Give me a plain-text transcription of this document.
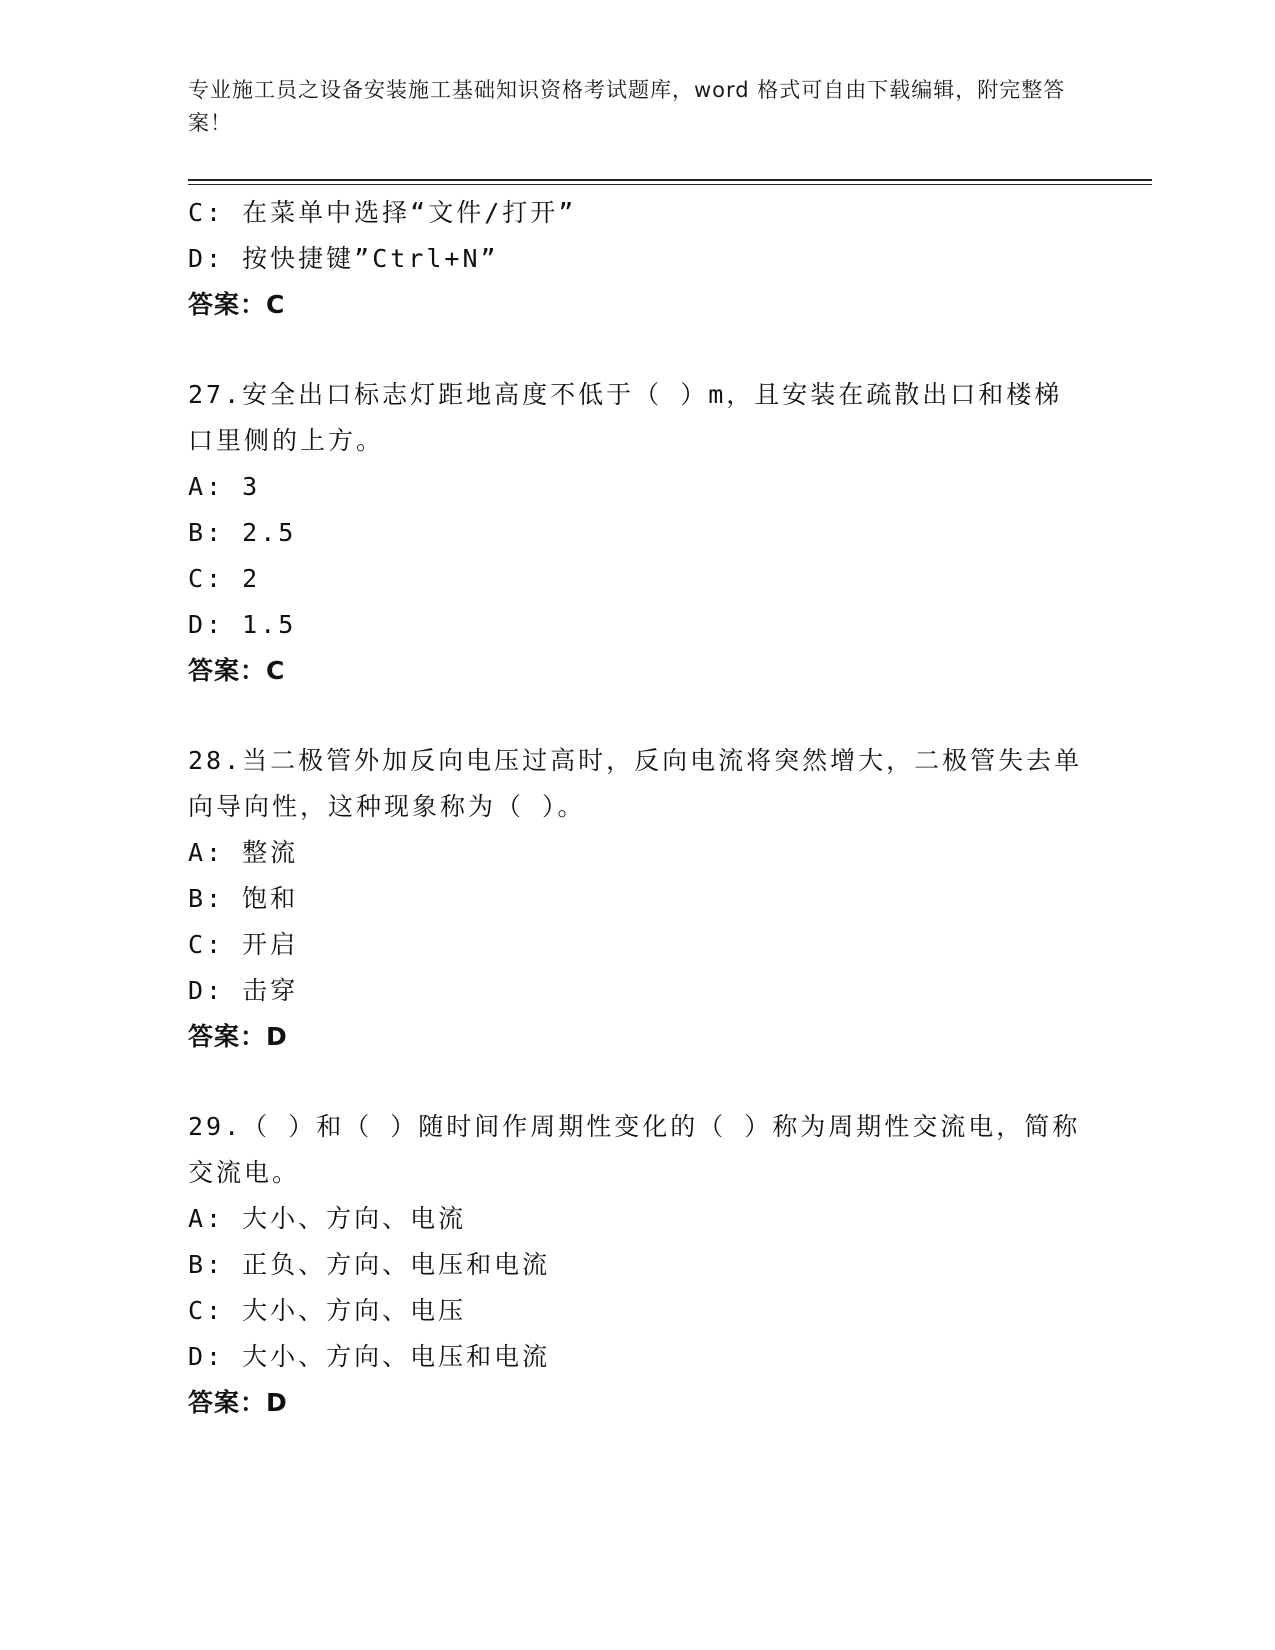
专业施工员之设备安装施工基础知识资格考试题库，word 格式可自由下载编辑，附完整答案！
C: 在菜单中选择“文件/打开”
D: 按快捷键”Ctrl+N”
答案：C
27.安全出口标志灯距地高度不低于（ ）m，且安装在疏散出口和楼梯口里侧的上方。
A: 3
B: 2.5
C: 2
D: 1.5
答案：C
28.当二极管外加反向电压过高时，反向电流将突然增大，二极管失去单向导向性，这种现象称为（ ）。
A: 整流
B: 饱和
C: 开启
D: 击穿
答案：D
29.（ ）和（ ）随时间作周期性变化的（ ）称为周期性交流电，简称交流电。
A: 大小、方向、电流
B: 正负、方向、电压和电流
C: 大小、方向、电压
D: 大小、方向、电压和电流
答案：D
